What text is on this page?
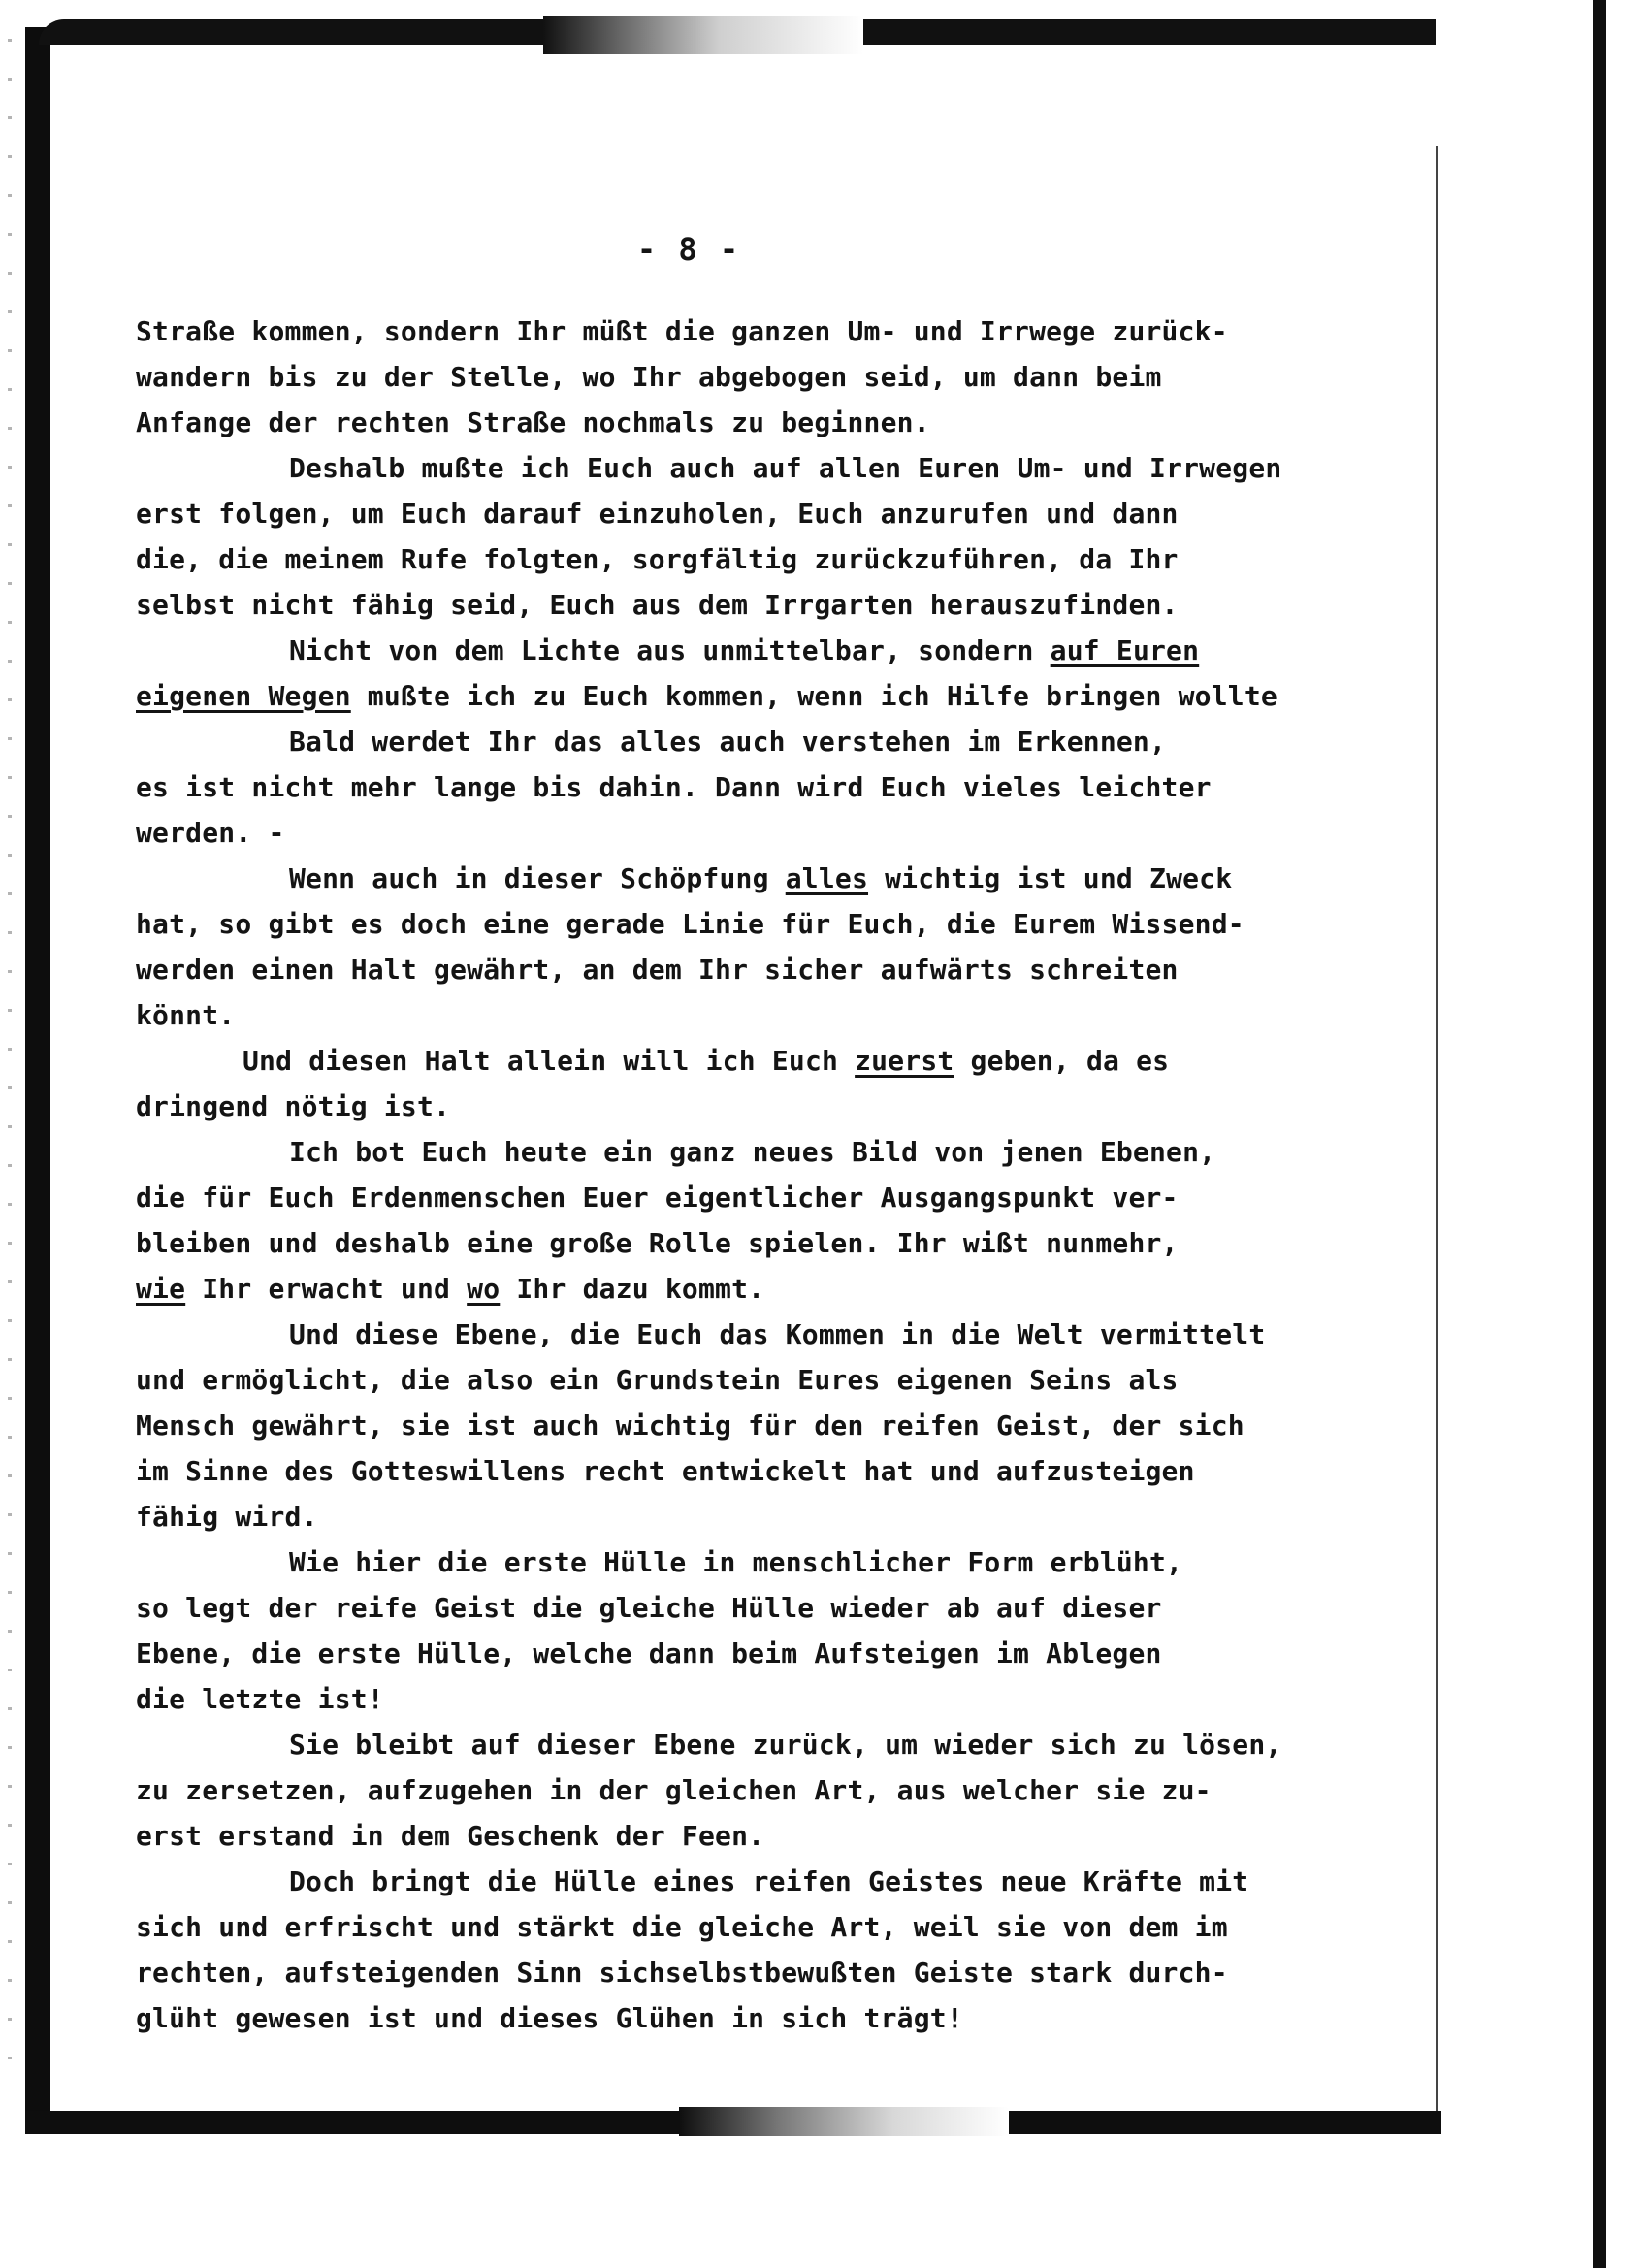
- 8 -
Straße kommen, sondern Ihr müßt die ganzen Um- und Irrwege zurück-
wandern bis zu der Stelle, wo Ihr abgebogen seid, um dann beim
Anfange der rechten Straße nochmals zu beginnen.
Deshalb mußte ich Euch auch auf allen Euren Um- und Irrwegen
erst folgen, um Euch darauf einzuholen, Euch anzurufen und dann
die, die meinem Rufe folgten, sorgfältig zurückzuführen, da Ihr
selbst nicht fähig seid, Euch aus dem Irrgarten herauszufinden.
Nicht von dem Lichte aus unmittelbar, sondern auf Euren
eigenen Wegen mußte ich zu Euch kommen, wenn ich Hilfe bringen wollte
Bald werdet Ihr das alles auch verstehen im Erkennen,
es ist nicht mehr lange bis dahin. Dann wird Euch vieles leichter
werden. -
Wenn auch in dieser Schöpfung alles wichtig ist und Zweck
hat, so gibt es doch eine gerade Linie für Euch, die Eurem Wissend-
werden einen Halt gewährt, an dem Ihr sicher aufwärts schreiten
könnt.
Und diesen Halt allein will ich Euch zuerst geben, da es
dringend nötig ist.
Ich bot Euch heute ein ganz neues Bild von jenen Ebenen,
die für Euch Erdenmenschen Euer eigentlicher Ausgangspunkt ver-
bleiben und deshalb eine große Rolle spielen. Ihr wißt nunmehr,
wie Ihr erwacht und wo Ihr dazu kommt.
Und diese Ebene, die Euch das Kommen in die Welt vermittelt
und ermöglicht, die also ein Grundstein Eures eigenen Seins als
Mensch gewährt, sie ist auch wichtig für den reifen Geist, der sich
im Sinne des Gotteswillens recht entwickelt hat und aufzusteigen
fähig wird.
Wie hier die erste Hülle in menschlicher Form erblüht,
so legt der reife Geist die gleiche Hülle wieder ab auf dieser
Ebene, die erste Hülle, welche dann beim Aufsteigen im Ablegen
die letzte ist!
Sie bleibt auf dieser Ebene zurück, um wieder sich zu lösen,
zu zersetzen, aufzugehen in der gleichen Art, aus welcher sie zu-
erst erstand in dem Geschenk der Feen.
Doch bringt die Hülle eines reifen Geistes neue Kräfte mit
sich und erfrischt und stärkt die gleiche Art, weil sie von dem im
rechten, aufsteigenden Sinn sichselbstbewußten Geiste stark durch-
glüht gewesen ist und dieses Glühen in sich trägt!
